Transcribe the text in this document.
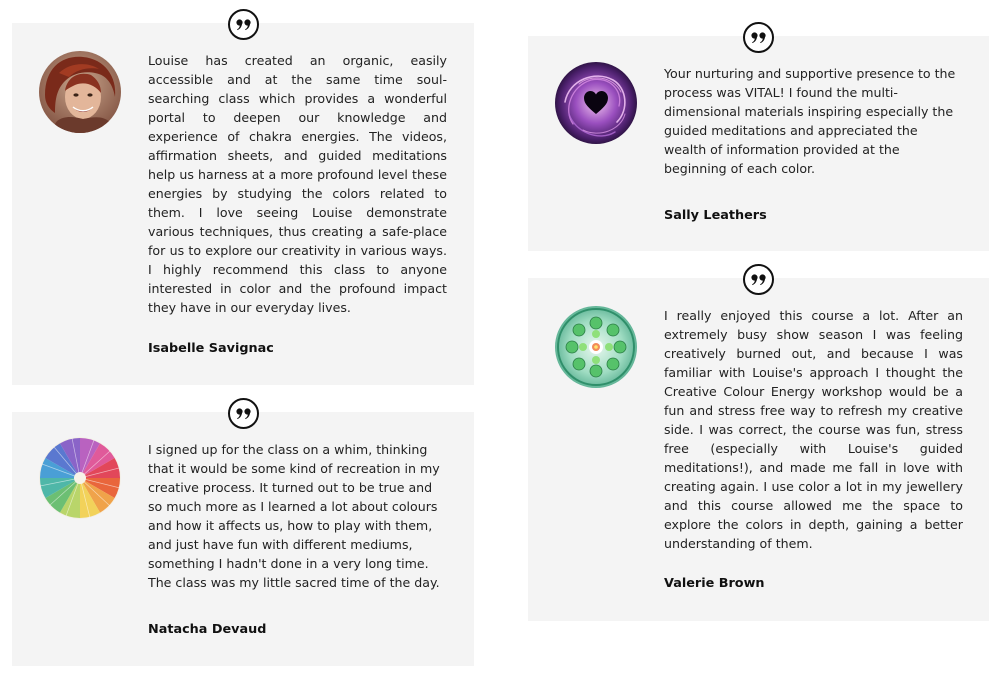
Louise has created an organic, easily accessible and at the same time soul-searching class which provides a wonderful portal to deepen our knowledge and experience of chakra energies. The videos, affirmation sheets, and guided meditations help us harness at a more profound level these energies by studying the colors related to them. I love seeing Louise demonstrate various techniques, thus creating a safe-place for us to explore our creativity in various ways. I highly recommend this class to anyone interested in color and the profound impact they have in our everyday lives.

Isabelle Savignac

I signed up for the class on a whim, thinking that it would be some kind of recreation in my creative process. It turned out to be true and so much more as I learned a lot about colours and how it affects us, how to play with them, and just have fun with different mediums, something I hadn't done in a very long time. The class was my little sacred time of the day.

Natacha Devaud

Your nurturing and supportive presence to the process was VITAL! I found the multi-dimensional materials inspiring especially the guided meditations and appreciated the wealth of information provided at the beginning of each color.

Sally Leathers

I really enjoyed this course a lot. After an extremely busy show season I was feeling creatively burned out, and because I was familiar with Louise's approach I thought the Creative Colour Energy workshop would be a fun and stress free way to refresh my creative side. I was correct, the course was fun, stress free (especially with Louise's guided meditations!), and made me fall in love with creating again. I use color a lot in my jewellery and this course allowed me the space to explore the colors in depth, gaining a better understanding of them.

Valerie Brown
